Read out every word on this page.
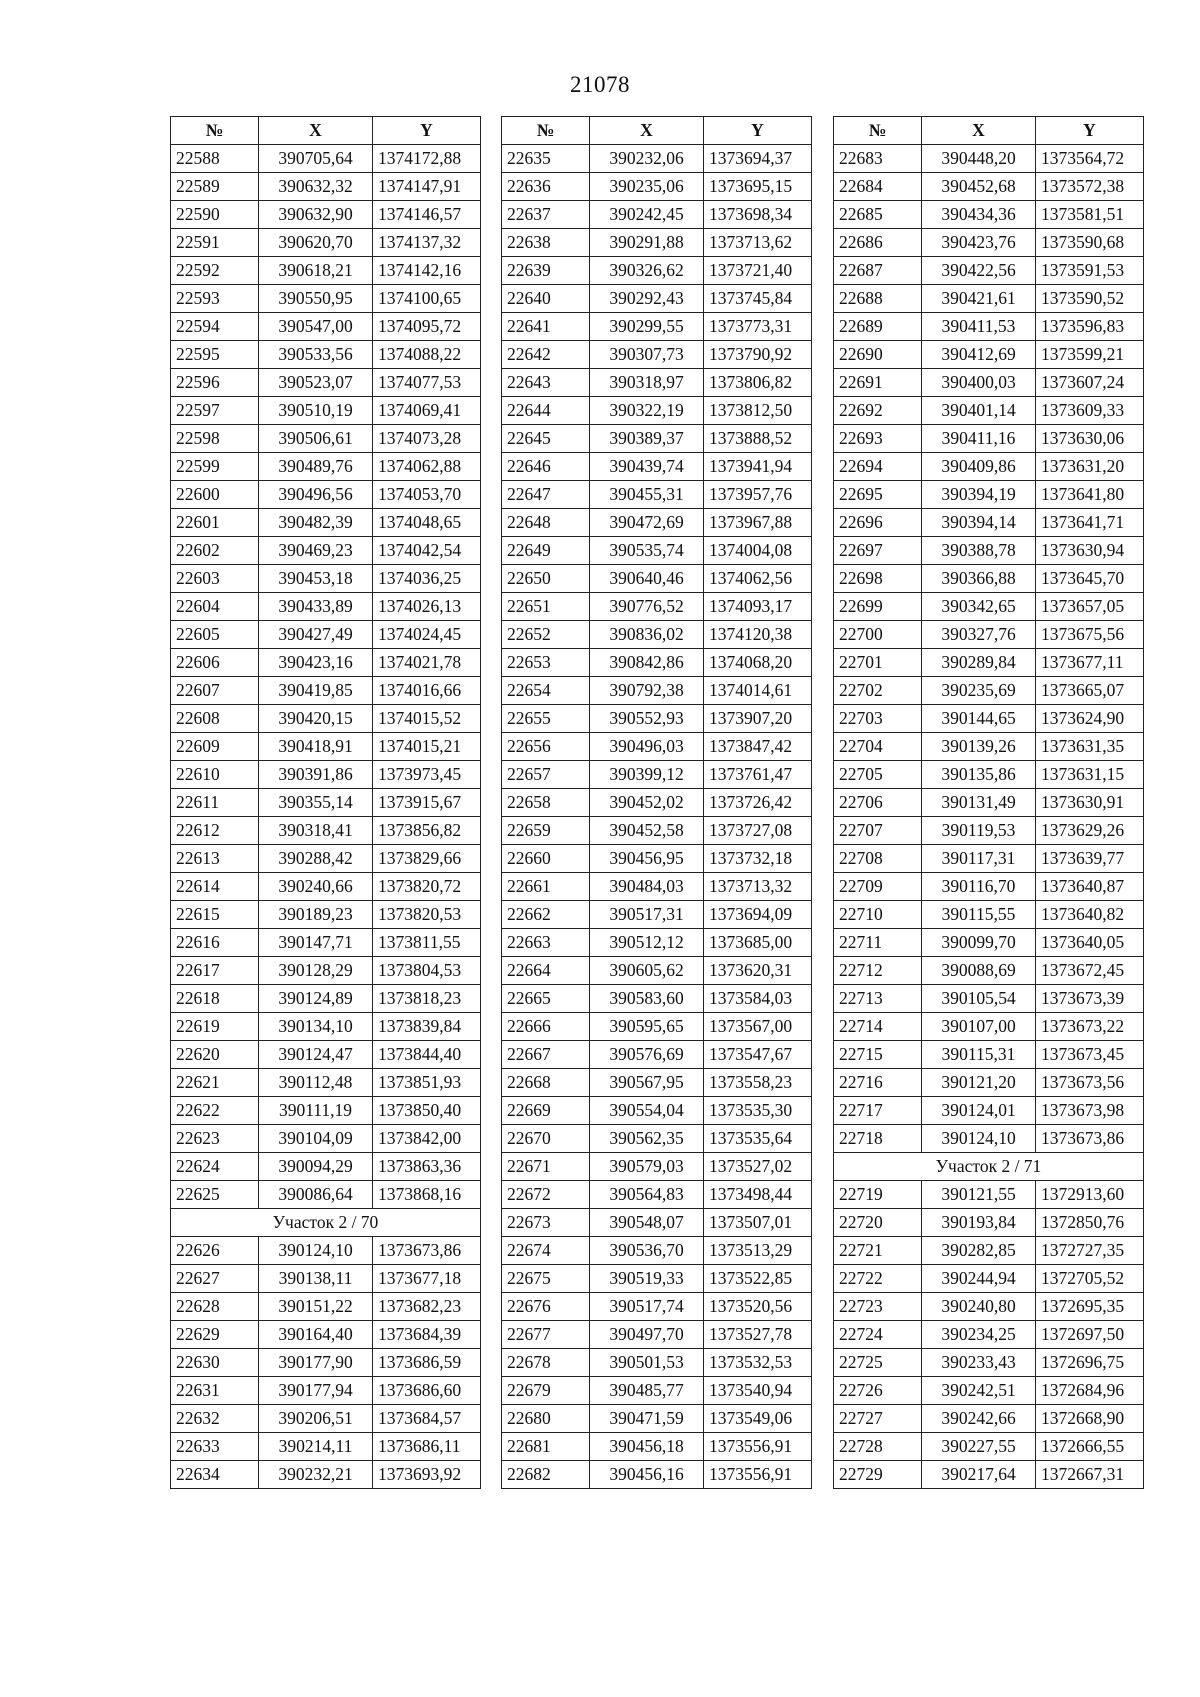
21078
№	X	Y
22588	390705,64	1374172,88
22589	390632,32	1374147,91
22590	390632,90	1374146,57
22591	390620,70	1374137,32
22592	390618,21	1374142,16
22593	390550,95	1374100,65
22594	390547,00	1374095,72
22595	390533,56	1374088,22
22596	390523,07	1374077,53
22597	390510,19	1374069,41
22598	390506,61	1374073,28
22599	390489,76	1374062,88
22600	390496,56	1374053,70
22601	390482,39	1374048,65
22602	390469,23	1374042,54
22603	390453,18	1374036,25
22604	390433,89	1374026,13
22605	390427,49	1374024,45
22606	390423,16	1374021,78
22607	390419,85	1374016,66
22608	390420,15	1374015,52
22609	390418,91	1374015,21
22610	390391,86	1373973,45
22611	390355,14	1373915,67
22612	390318,41	1373856,82
22613	390288,42	1373829,66
22614	390240,66	1373820,72
22615	390189,23	1373820,53
22616	390147,71	1373811,55
22617	390128,29	1373804,53
22618	390124,89	1373818,23
22619	390134,10	1373839,84
22620	390124,47	1373844,40
22621	390112,48	1373851,93
22622	390111,19	1373850,40
22623	390104,09	1373842,00
22624	390094,29	1373863,36
22625	390086,64	1373868,16
Участок 2 / 70		
22626	390124,10	1373673,86
22627	390138,11	1373677,18
22628	390151,22	1373682,23
22629	390164,40	1373684,39
22630	390177,90	1373686,59
22631	390177,94	1373686,60
22632	390206,51	1373684,57
22633	390214,11	1373686,11
22634	390232,21	1373693,92
№	X	Y
22635	390232,06	1373694,37
22636	390235,06	1373695,15
22637	390242,45	1373698,34
22638	390291,88	1373713,62
22639	390326,62	1373721,40
22640	390292,43	1373745,84
22641	390299,55	1373773,31
22642	390307,73	1373790,92
22643	390318,97	1373806,82
22644	390322,19	1373812,50
22645	390389,37	1373888,52
22646	390439,74	1373941,94
22647	390455,31	1373957,76
22648	390472,69	1373967,88
22649	390535,74	1374004,08
22650	390640,46	1374062,56
22651	390776,52	1374093,17
22652	390836,02	1374120,38
22653	390842,86	1374068,20
22654	390792,38	1374014,61
22655	390552,93	1373907,20
22656	390496,03	1373847,42
22657	390399,12	1373761,47
22658	390452,02	1373726,42
22659	390452,58	1373727,08
22660	390456,95	1373732,18
22661	390484,03	1373713,32
22662	390517,31	1373694,09
22663	390512,12	1373685,00
22664	390605,62	1373620,31
22665	390583,60	1373584,03
22666	390595,65	1373567,00
22667	390576,69	1373547,67
22668	390567,95	1373558,23
22669	390554,04	1373535,30
22670	390562,35	1373535,64
22671	390579,03	1373527,02
22672	390564,83	1373498,44
22673	390548,07	1373507,01
22674	390536,70	1373513,29
22675	390519,33	1373522,85
22676	390517,74	1373520,56
22677	390497,70	1373527,78
22678	390501,53	1373532,53
22679	390485,77	1373540,94
22680	390471,59	1373549,06
22681	390456,18	1373556,91
22682	390456,16	1373556,91
№	X	Y
22683	390448,20	1373564,72
22684	390452,68	1373572,38
22685	390434,36	1373581,51
22686	390423,76	1373590,68
22687	390422,56	1373591,53
22688	390421,61	1373590,52
22689	390411,53	1373596,83
22690	390412,69	1373599,21
22691	390400,03	1373607,24
22692	390401,14	1373609,33
22693	390411,16	1373630,06
22694	390409,86	1373631,20
22695	390394,19	1373641,80
22696	390394,14	1373641,71
22697	390388,78	1373630,94
22698	390366,88	1373645,70
22699	390342,65	1373657,05
22700	390327,76	1373675,56
22701	390289,84	1373677,11
22702	390235,69	1373665,07
22703	390144,65	1373624,90
22704	390139,26	1373631,35
22705	390135,86	1373631,15
22706	390131,49	1373630,91
22707	390119,53	1373629,26
22708	390117,31	1373639,77
22709	390116,70	1373640,87
22710	390115,55	1373640,82
22711	390099,70	1373640,05
22712	390088,69	1373672,45
22713	390105,54	1373673,39
22714	390107,00	1373673,22
22715	390115,31	1373673,45
22716	390121,20	1373673,56
22717	390124,01	1373673,98
22718	390124,10	1373673,86
Участок 2 / 71		
22719	390121,55	1372913,60
22720	390193,84	1372850,76
22721	390282,85	1372727,35
22722	390244,94	1372705,52
22723	390240,80	1372695,35
22724	390234,25	1372697,50
22725	390233,43	1372696,75
22726	390242,51	1372684,96
22727	390242,66	1372668,90
22728	390227,55	1372666,55
22729	390217,64	1372667,31
